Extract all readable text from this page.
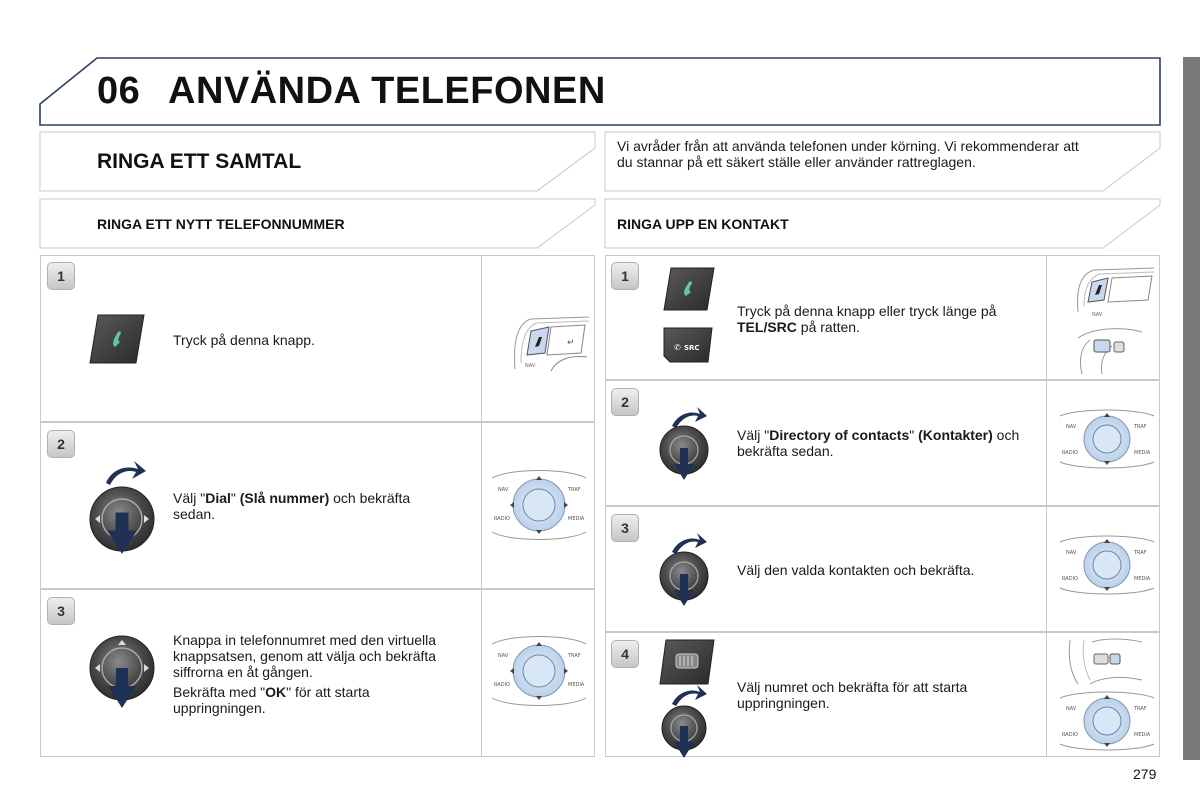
06 ANVÄNDA TELEFONEN
RINGA ETT SAMTAL
Vi avråder från att använda telefonen under körning. Vi rekommenderar att du stannar på ett säkert ställe eller använder rattreglagen.
RINGA ETT NYTT TELEFONNUMMER	RINGA UPP EN KONTAKT
1
Tryck på denna knapp.	↵
NAV
2
Välj "Dial" (Slå nummer) och bekräfta sedan.
NAV	TRAF
RADIO	MEDIA
3
Knappa in telefonnumret med den virtuella knappsatsen, genom att välja och bekräfta siffrorna en åt gången.
Bekräfta med "OK" för att starta uppringningen.
NAV	TRAF
RADIO	MEDIA
1
✆ SRC
Tryck på denna knapp eller tryck länge på TEL/SRC på ratten.
NAV
2
Välj "Directory of contacts" (Kontakter) och bekräfta sedan.
NAV	TRAF
RADIO	MEDIA
3
Välj den valda kontakten och bekräfta.
NAV	TRAF
RADIO	MEDIA
4
Välj numret och bekräfta för att starta uppringningen.	NAV	TRAF
RADIO	MEDIA
279
